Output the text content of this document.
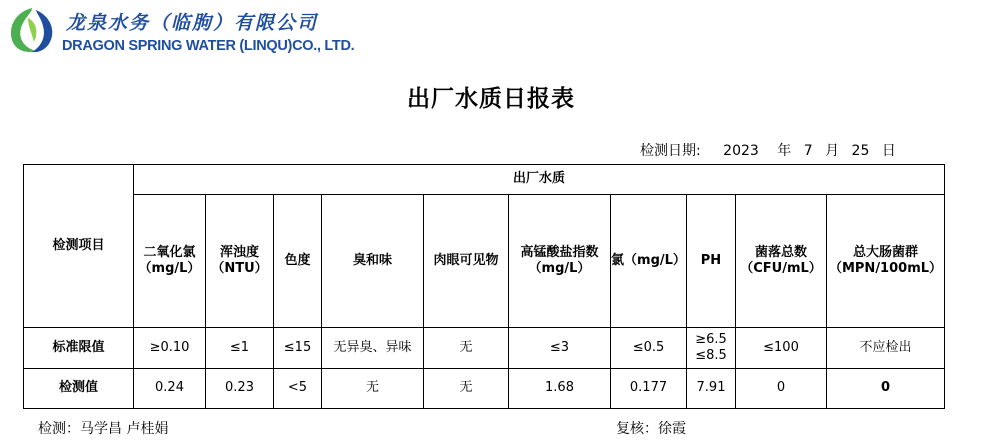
龙泉水务（临朐）有限公司
DRAGON SPRING WATER (LINQU)CO., LTD.
出厂水质日报表
检测日期: 2023 年 7 月 25 日
检测项目	出厂水质									
	二氧化氯（mg/L）	浑浊度（NTU）	色度	臭和味	肉眼可见物	高锰酸盐指数（mg/L）	氯（mg/L）	PH	菌落总数（CFU/mL）	总大肠菌群（MPN/100mL）
标准限值	≥0.10	≤1	≤15	无异臭、异味	无	≤3	≤0.5	≥6.5 ≤8.5	≤100	不应检出
检测值	0.24	0.23	<5	无	无	1.68	0.177	7.91	0	0
检测：马学昌 卢桂娟	复核：徐霞
